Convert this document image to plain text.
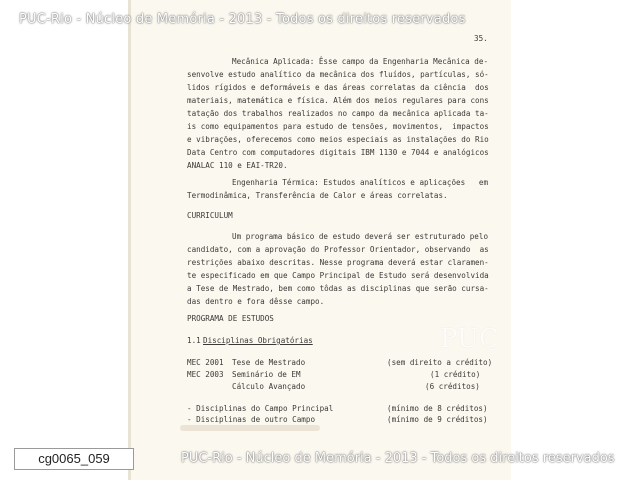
PUC-Rio - Núcleo de Memória - 2013 - Todos os direitos reservados
35.
Mecânica Aplicada: Êsse campo da Engenharia Mecânica de-
senvolve estudo analítico da mecânica dos fluídos, partículas, só-
lidos rígidos e deformáveis e das áreas correlatas da ciência  dos
materiais, matemática e física. Além dos meios regulares para cons
tatação dos trabalhos realizados no campo da mecânica aplicada ta-
is como equipamentos para estudo de tensões, movimentos,  impactos
e vibrações, oferecemos como meios especiais as instalações do Rio
Data Centro com computadores digitais IBM 1130 e 7044 e analógicos
ANALAC 110 e EAI-TR20.
Engenharia Térmica: Estudos analíticos e aplicações   em
Termodinâmica, Transferência de Calor e áreas correlatas.
CURRICULUM
Um programa básico de estudo deverá ser estruturado pelo
candidato, com a aprovação do Professor Orientador, observando  as
restrições abaixo descritas. Nesse programa deverá estar claramen-
te especificado em que Campo Principal de Estudo será desenvolvida
a Tese de Mestrado, bem como tôdas as disciplinas que serão cursa-
das dentro e fora dêsse campo.
PROGRAMA DE ESTUDOS
1.1 Disciplinas Obrigatórias
MEC 2001 Tese de Mestrado	(sem direito a crédito)
MEC 2003 Seminário de EM	(1 crédito)
Cálculo Avançado	(6 créditos)
- Disciplinas do Campo Principal	(mínimo de 8 créditos)
- Disciplinas de outro Campo	(mínimo de 9 créditos)
PUC
PUC-Rio - Núcleo de Memória - 2013 - Todos os direitos reservados
cg0065_059
